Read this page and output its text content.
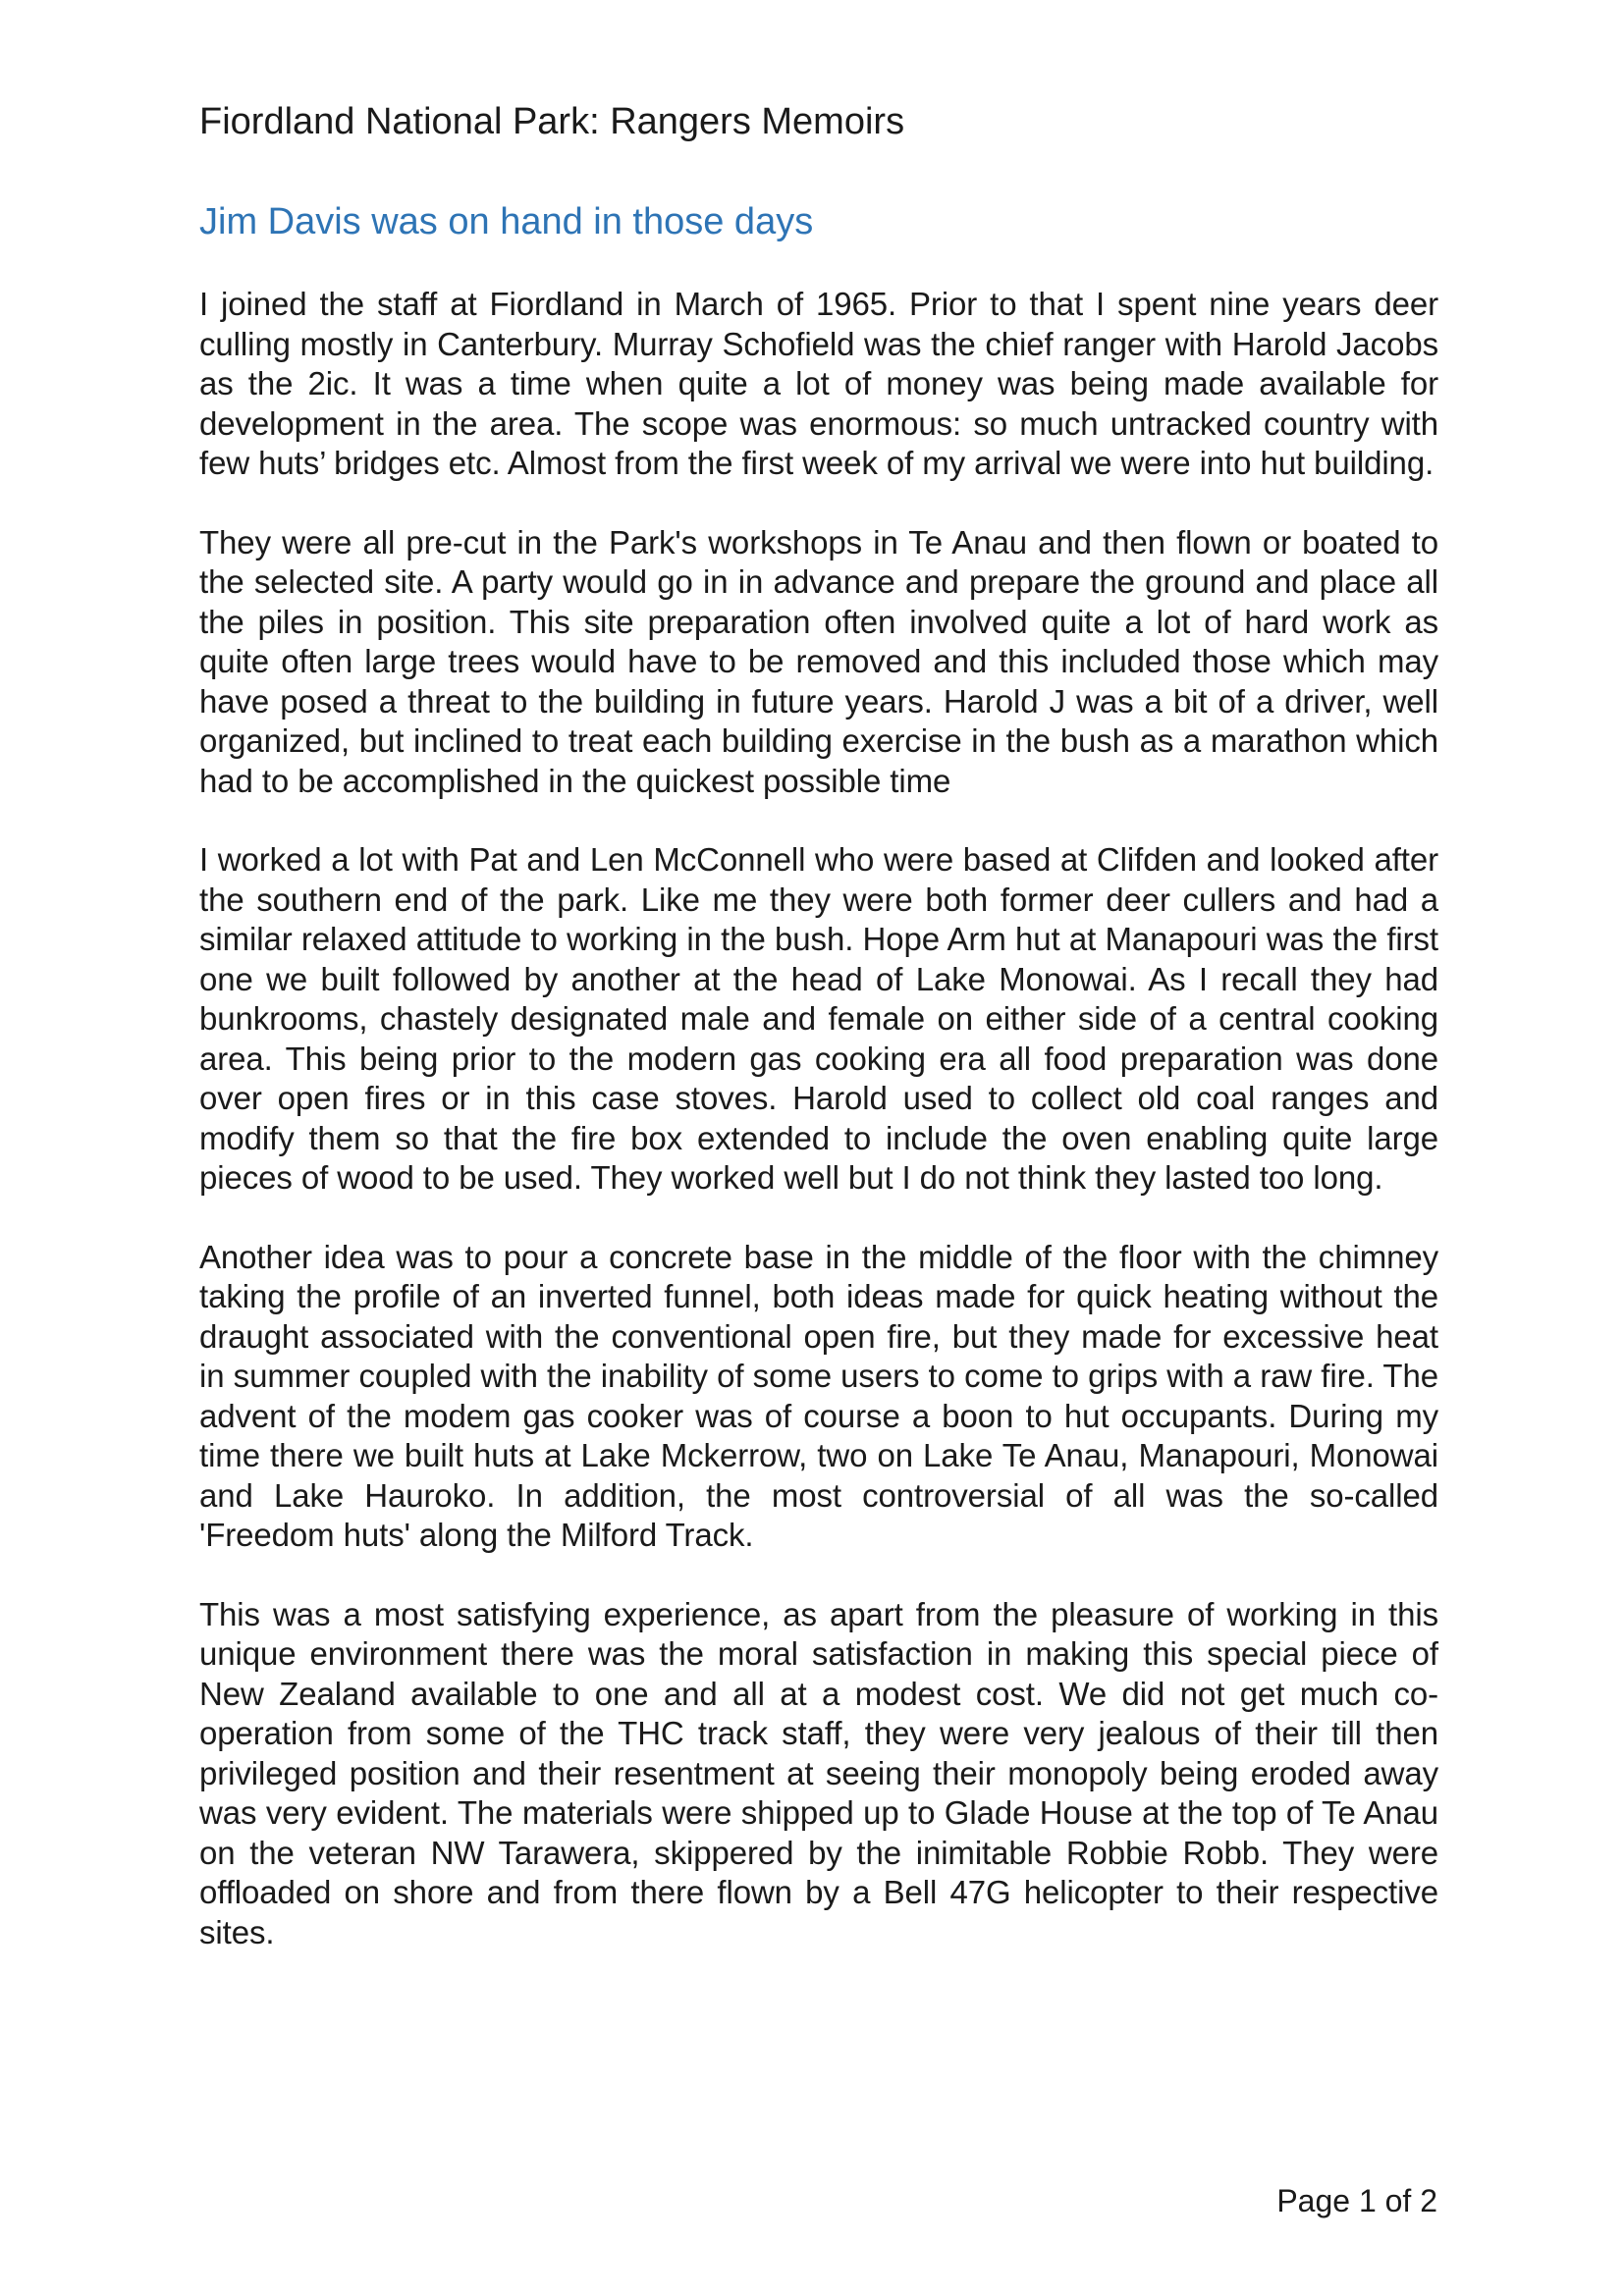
Fiordland National Park: Rangers Memoirs
Jim Davis was on hand in those days

I joined the staff at Fiordland in March of 1965. Prior to that I spent nine years deer culling mostly in Canterbury. Murray Schofield was the chief ranger with Harold Jacobs as the 2ic. It was a time when quite a lot of money was being made available for development in the area. The scope was enormous: so much untracked country with few huts’ bridges etc. Almost from the first week of my arrival we were into hut building.

They were all pre-cut in the Park's workshops in Te Anau and then flown or boated to the selected site. A party would go in in advance and prepare the ground and place all the piles in position. This site preparation often involved quite a lot of hard work as quite often large trees would have to be removed and this included those which may have posed a threat to the building in future years. Harold J was a bit of a driver, well organized, but inclined to treat each building exercise in the bush as a marathon which had to be accomplished in the quickest possible time

I worked a lot with Pat and Len McConnell who were based at Clifden and looked after the southern end of the park. Like me they were both former deer cullers and had a similar relaxed attitude to working in the bush. Hope Arm hut at Manapouri was the first one we built followed by another at the head of Lake Monowai. As I recall they had bunkrooms, chastely designated male and female on either side of a central cooking area. This being prior to the modern gas cooking era all food preparation was done over open fires or in this case stoves. Harold used to collect old coal ranges and modify them so that the fire box extended to include the oven enabling quite large pieces of wood to be used. They worked well but I do not think they lasted too long.

Another idea was to pour a concrete base in the middle of the floor with the chimney taking the profile of an inverted funnel, both ideas made for quick heating without the draught associated with the conventional open fire, but they made for excessive heat in summer coupled with the inability of some users to come to grips with a raw fire. The advent of the modem gas cooker was of course a boon to hut occupants. During my time there we built huts at Lake Mckerrow, two on Lake Te Anau, Manapouri, Monowai and Lake Hauroko. In addition, the most controversial of all was the so-called 'Freedom huts' along the Milford Track.

This was a most satisfying experience, as apart from the pleasure of working in this unique environment there was the moral satisfaction in making this special piece of New Zealand available to one and all at a modest cost. We did not get much co-operation from some of the THC track staff, they were very jealous of their till then privileged position and their resentment at seeing their monopoly being eroded away was very evident. The materials were shipped up to Glade House at the top of Te Anau on the veteran NW Tarawera, skippered by the inimitable Robbie Robb. They were offloaded on shore and from there flown by a Bell 47G helicopter to their respective sites.

Page 1 of 2
